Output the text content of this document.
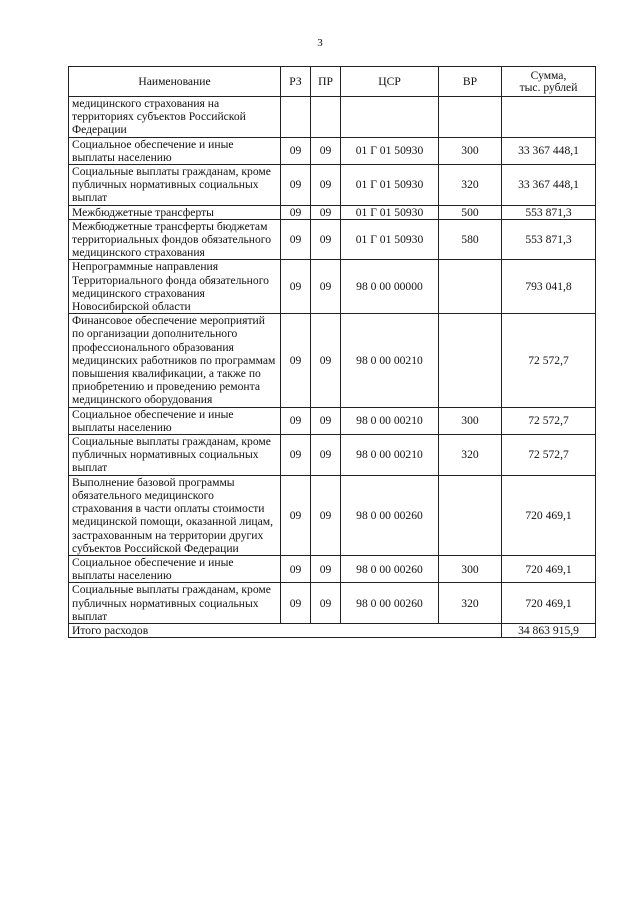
3
Наименование	РЗ	ПР	ЦСР	ВР	Сумма,
тыс. рублей
медицинского страхования на территориях субъектов Российской Федерации					
Социальное обеспечение и иные выплаты населению	09	09	01 Г 01 50930	300	33 367 448,1
Социальные выплаты гражданам, кроме публичных нормативных социальных выплат	09	09	01 Г 01 50930	320	33 367 448,1
Межбюджетные трансферты	09	09	01 Г 01 50930	500	553 871,3
Межбюджетные трансферты бюджетам территориальных фондов обязательного медицинского страхования	09	09	01 Г 01 50930	580	553 871,3
Непрограммные направления Территориального фонда обязательного медицинского страхования Новосибирской области	09	09	98 0 00 00000		793 041,8
Финансовое обеспечение мероприятий по организации дополнительного профессионального образования медицинских работников по программам повышения квалификации, а также по приобретению и проведению ремонта медицинского оборудования	09	09	98 0 00 00210		72 572,7
Социальное обеспечение и иные выплаты населению	09	09	98 0 00 00210	300	72 572,7
Социальные выплаты гражданам, кроме публичных нормативных социальных выплат	09	09	98 0 00 00210	320	72 572,7
Выполнение базовой программы обязательного медицинского страхования в части оплаты стоимости медицинской помощи, оказанной лицам, застрахованным на территории других субъектов Российской Федерации	09	09	98 0 00 00260		720 469,1
Социальное обеспечение и иные выплаты населению	09	09	98 0 00 00260	300	720 469,1
Социальные выплаты гражданам, кроме публичных нормативных социальных выплат	09	09	98 0 00 00260	320	720 469,1
Итого расходов					34 863 915,9
